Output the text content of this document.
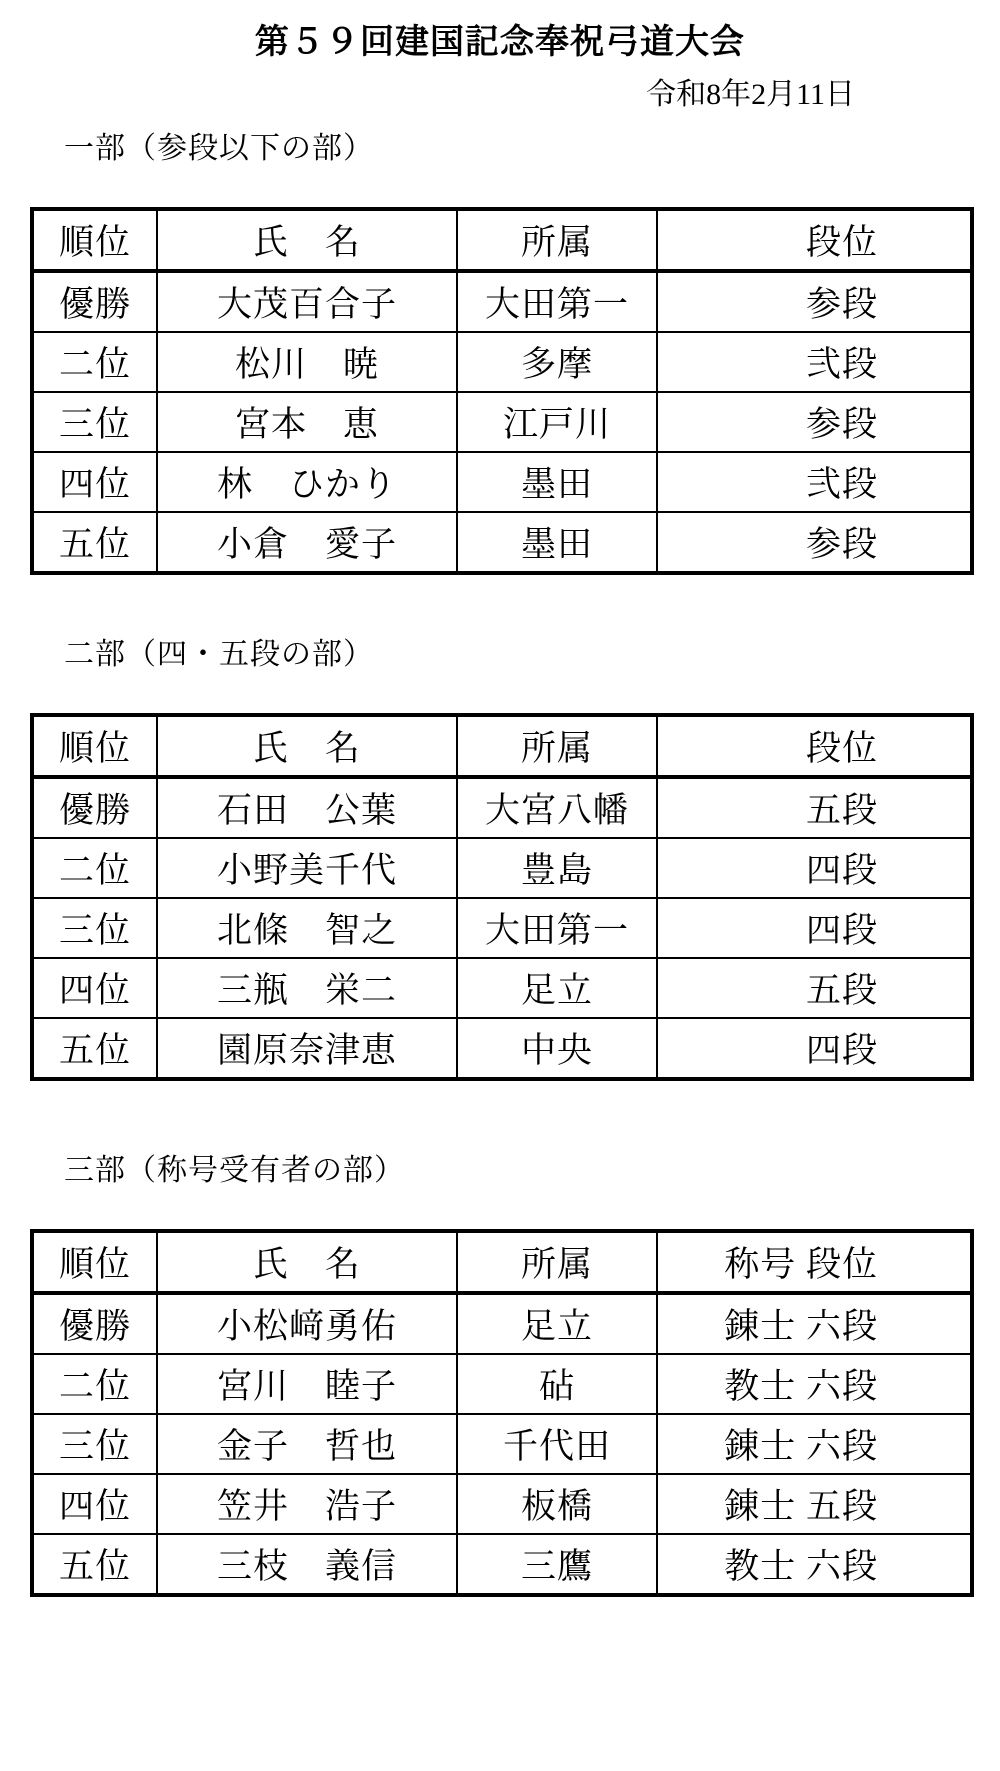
第５９回建国記念奉祝弓道大会
令和8年2月11日
一部（参段以下の部）
順位	氏　名	所属	段位
優勝	大茂百合子	大田第一	参段
二位	松川　暁	多摩	弐段
三位	宮本　恵	江戸川	参段
四位	林　ひかり	墨田	弐段
五位	小倉　愛子	墨田	参段
二部（四・五段の部）
順位	氏　名	所属	段位
優勝	石田　公葉	大宮八幡	五段
二位	小野美千代	豊島	四段
三位	北條　智之	大田第一	四段
四位	三瓶　栄二	足立	五段
五位	園原奈津恵	中央	四段
三部（称号受有者の部）
順位	氏　名	所属	称号 段位
優勝	小松﨑勇佑	足立	錬士 六段
二位	宮川　睦子	砧	教士 六段
三位	金子　哲也	千代田	錬士 六段
四位	笠井　浩子	板橋	錬士 五段
五位	三枝　義信	三鷹	教士 六段
